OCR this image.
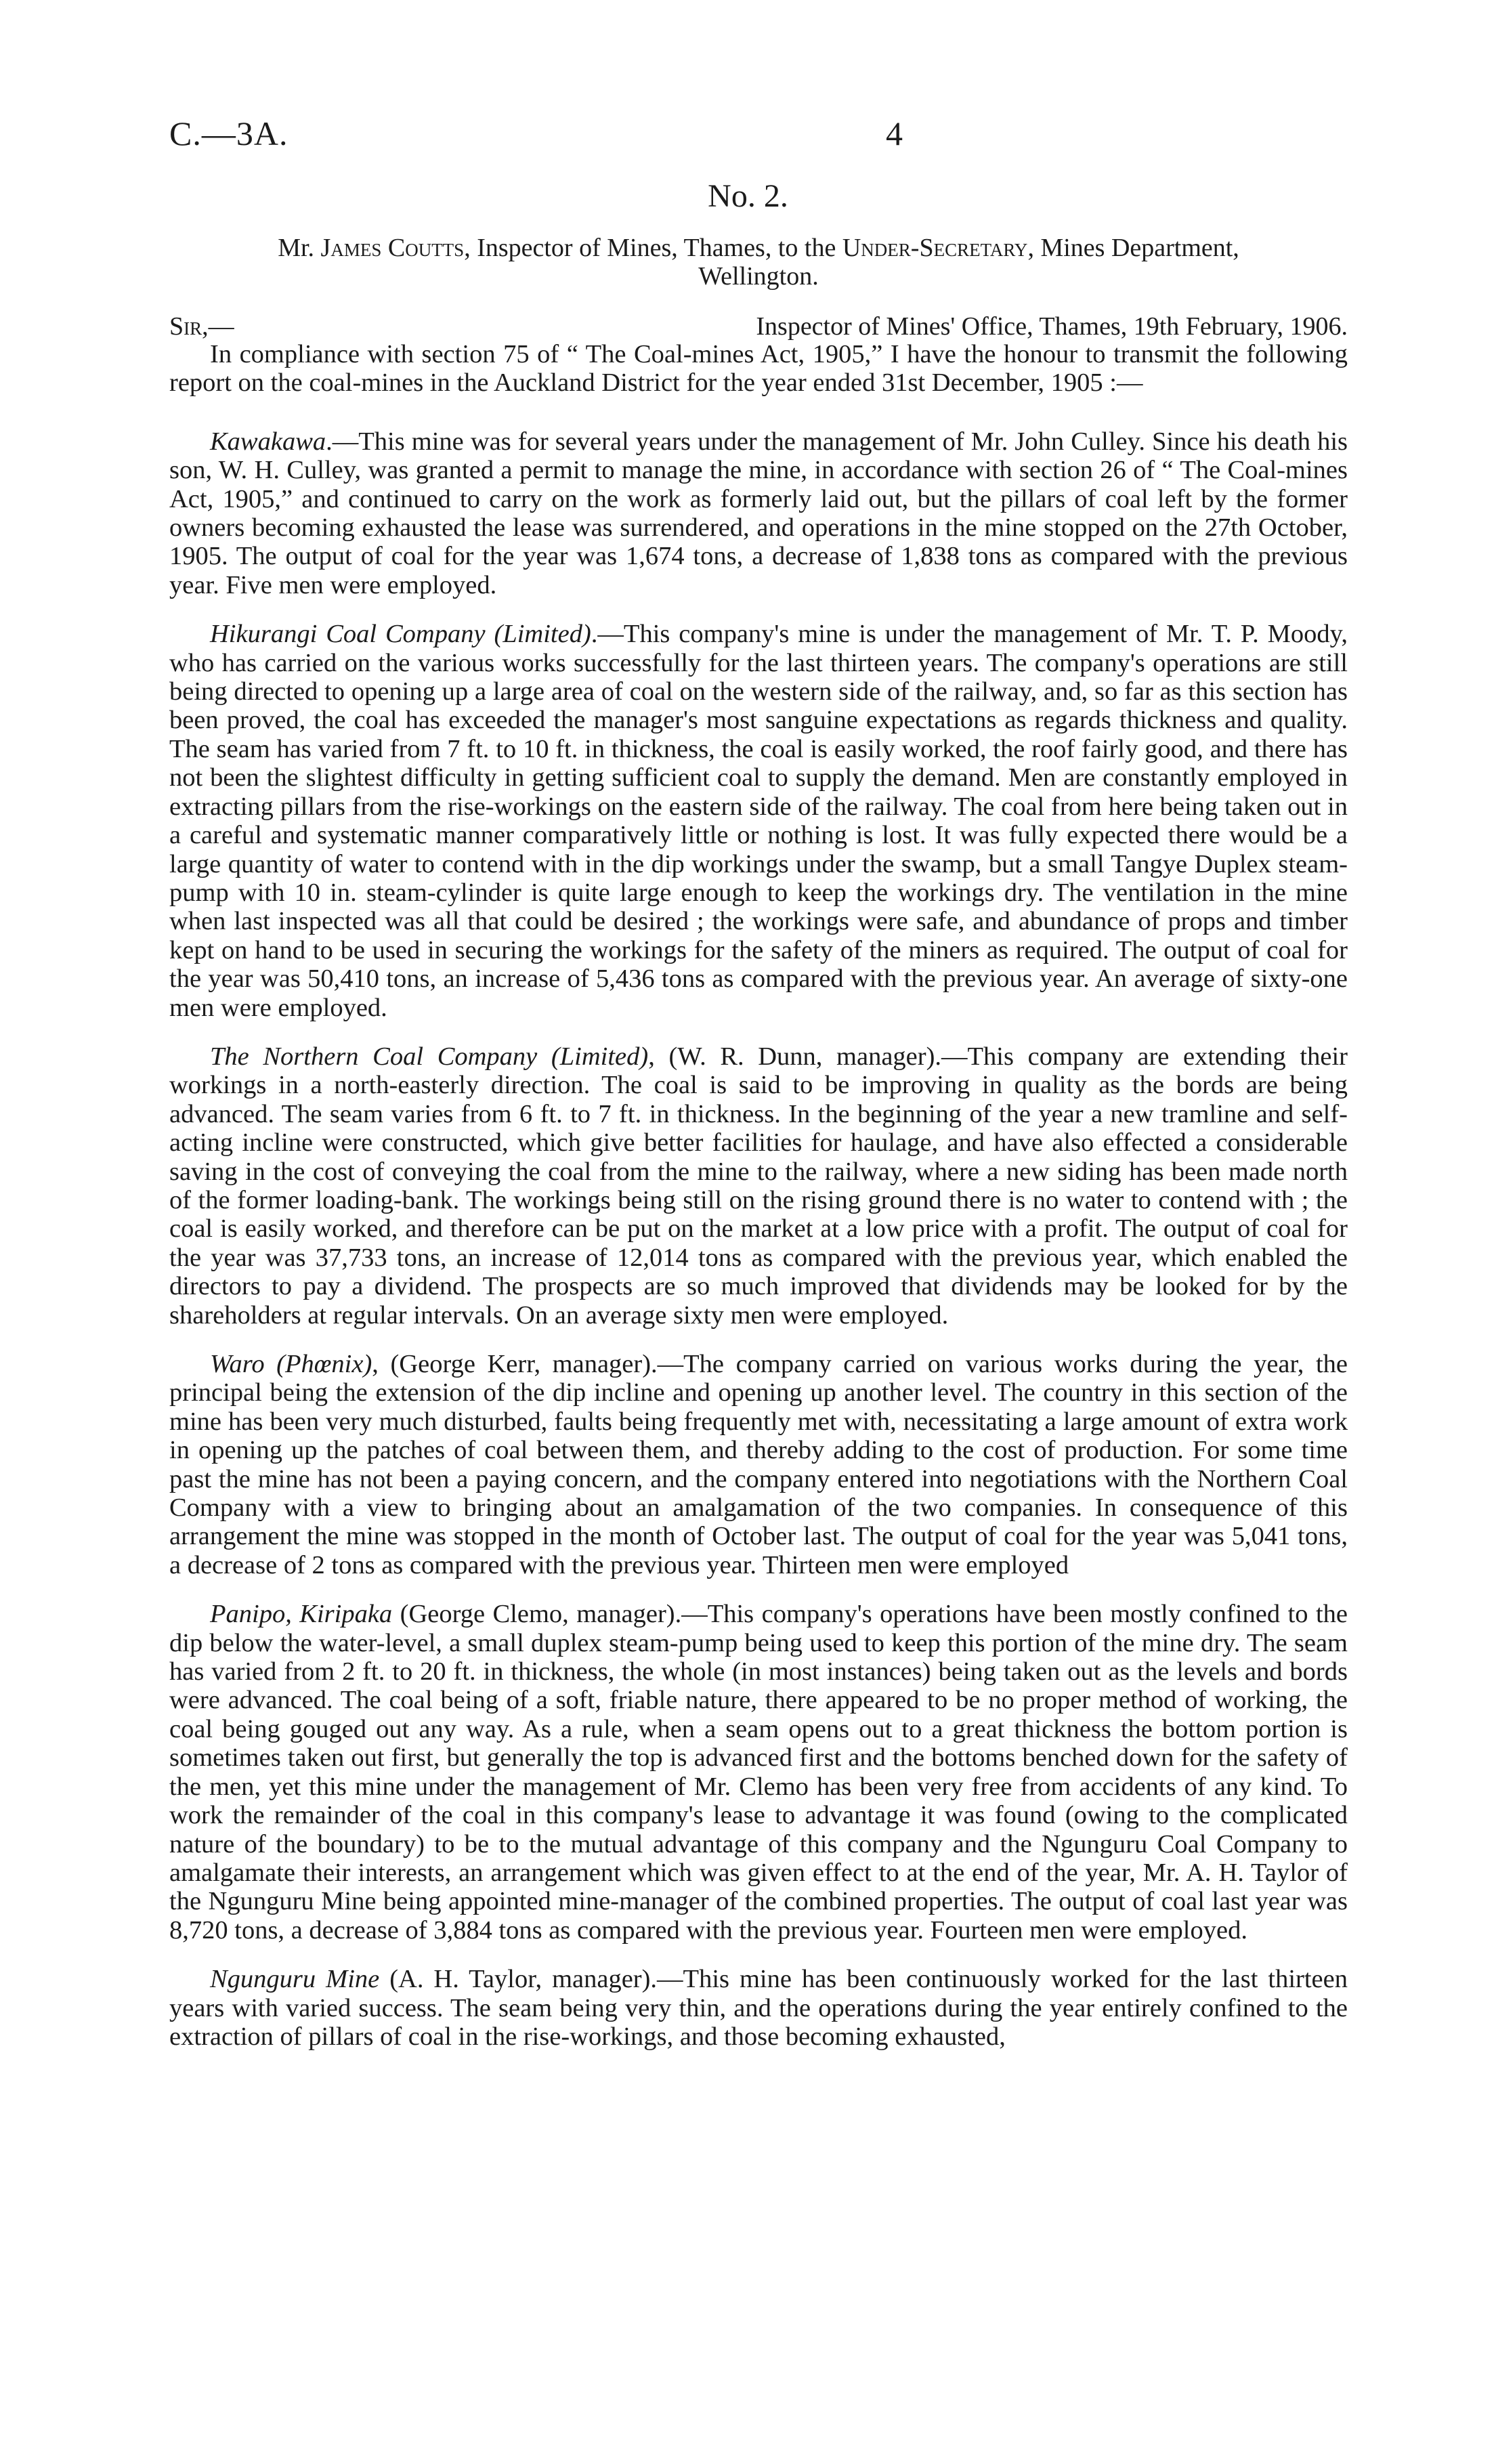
C.—3A.	4
No. 2.
Mr. James Coutts, Inspector of Mines, Thames, to the Under-Secretary, Mines Department,
Wellington.
Sir,—	Inspector of Mines' Office, Thames, 19th February, 1906.

In compliance with section 75 of “ The Coal-mines Act, 1905,” I have the honour to transmit the following report on the coal-mines in the Auckland District for the year ended 31st December, 1905 :—

Kawakawa.—This mine was for several years under the management of Mr. John Culley. Since his death his son, W. H. Culley, was granted a permit to manage the mine, in accordance with section 26 of “ The Coal-mines Act, 1905,” and continued to carry on the work as formerly laid out, but the pillars of coal left by the former owners becoming exhausted the lease was surrendered, and operations in the mine stopped on the 27th October, 1905. The output of coal for the year was 1,674 tons, a decrease of 1,838 tons as compared with the previous year. Five men were employed.

Hikurangi Coal Company (Limited).—This company's mine is under the management of Mr. T. P. Moody, who has carried on the various works successfully for the last thirteen years. The company's operations are still being directed to opening up a large area of coal on the western side of the railway, and, so far as this section has been proved, the coal has exceeded the manager's most sanguine expectations as regards thickness and quality. The seam has varied from 7 ft. to 10 ft. in thickness, the coal is easily worked, the roof fairly good, and there has not been the slightest difficulty in getting sufficient coal to supply the demand. Men are constantly employed in extracting pillars from the rise-workings on the eastern side of the railway. The coal from here being taken out in a careful and systematic manner comparatively little or nothing is lost. It was fully expected there would be a large quantity of water to contend with in the dip workings under the swamp, but a small Tangye Duplex steam-pump with 10 in. steam-cylinder is quite large enough to keep the workings dry. The ventilation in the mine when last inspected was all that could be desired ; the workings were safe, and abundance of props and timber kept on hand to be used in securing the workings for the safety of the miners as required. The output of coal for the year was 50,410 tons, an increase of 5,436 tons as compared with the previous year. An average of sixty-one men were employed.

The Northern Coal Company (Limited), (W. R. Dunn, manager).—This company are extending their workings in a north-easterly direction. The coal is said to be improving in quality as the bords are being advanced. The seam varies from 6 ft. to 7 ft. in thickness. In the beginning of the year a new tramline and self-acting incline were constructed, which give better facilities for haulage, and have also effected a considerable saving in the cost of conveying the coal from the mine to the railway, where a new siding has been made north of the former loading-bank. The workings being still on the rising ground there is no water to contend with ; the coal is easily worked, and therefore can be put on the market at a low price with a profit. The output of coal for the year was 37,733 tons, an increase of 12,014 tons as compared with the previous year, which enabled the directors to pay a dividend. The prospects are so much improved that dividends may be looked for by the shareholders at regular intervals. On an average sixty men were employed.

Waro (Phœnix), (George Kerr, manager).—The company carried on various works during the year, the principal being the extension of the dip incline and opening up another level. The country in this section of the mine has been very much disturbed, faults being frequently met with, necessitating a large amount of extra work in opening up the patches of coal between them, and thereby adding to the cost of production. For some time past the mine has not been a paying concern, and the company entered into negotiations with the Northern Coal Company with a view to bringing about an amalgamation of the two companies. In consequence of this arrangement the mine was stopped in the month of October last. The output of coal for the year was 5,041 tons, a decrease of 2 tons as compared with the previous year. Thirteen men were employed

Panipo, Kiripaka (George Clemo, manager).—This company's operations have been mostly confined to the dip below the water-level, a small duplex steam-pump being used to keep this portion of the mine dry. The seam has varied from 2 ft. to 20 ft. in thickness, the whole (in most instances) being taken out as the levels and bords were advanced. The coal being of a soft, friable nature, there appeared to be no proper method of working, the coal being gouged out any way. As a rule, when a seam opens out to a great thickness the bottom portion is sometimes taken out first, but generally the top is advanced first and the bottoms benched down for the safety of the men, yet this mine under the management of Mr. Clemo has been very free from accidents of any kind. To work the remainder of the coal in this company's lease to advantage it was found (owing to the complicated nature of the boundary) to be to the mutual advantage of this company and the Ngunguru Coal Company to amalgamate their interests, an arrangement which was given effect to at the end of the year, Mr. A. H. Taylor of the Ngunguru Mine being appointed mine-manager of the combined properties. The output of coal last year was 8,720 tons, a decrease of 3,884 tons as compared with the previous year. Fourteen men were employed.

Ngunguru Mine (A. H. Taylor, manager).—This mine has been continuously worked for the last thirteen years with varied success. The seam being very thin, and the operations during the year entirely confined to the extraction of pillars of coal in the rise-workings, and those becoming exhausted,
